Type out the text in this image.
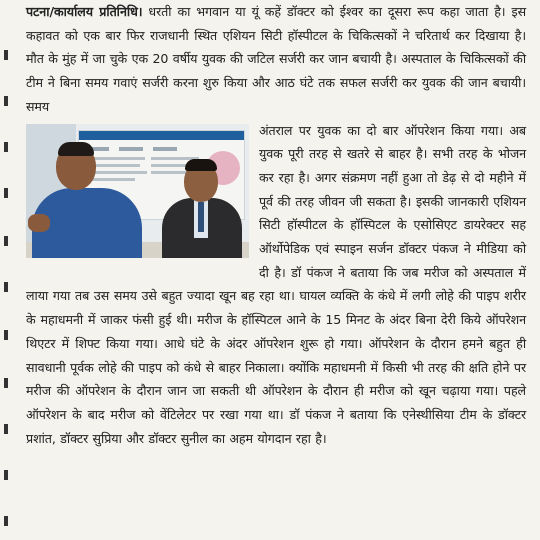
पटना/कार्यालय प्रतिनिधि। धरती का भगवान या यूं कहें डॉक्टर को ईश्वर का दूसरा रूप कहा जाता है। इस कहावत को एक बार फिर राजधानी स्थित एशियन सिटी हॉस्पीटल के चिकित्सकों ने चरितार्थ कर दिखाया है। मौत के मुंह में जा चुके एक 20 वर्षीय युवक की जटिल सर्जरी कर जान बचायी है। अस्पताल के चिकित्सकों की टीम ने बिना समय गवाएं सर्जरी करना शुरु किया और आठ घंटे तक सफल सर्जरी कर युवक की जान बचायी। समय

अंतराल पर युवक का दो बार ऑपरेशन किया गया। अब युवक पूरी तरह से खतरे से बाहर है। सभी तरह के भोजन कर रहा है। अगर संक्रमण नहीं हुआ तो डेढ़ से दो महीने में पूर्व की तरह जीवन जी सकता है। इसकी जानकारी एशियन सिटी हॉस्पीटल के हॉस्पिटल के एसोसिएट डायरेक्टर सह ऑर्थोपेडिक एवं स्पाइन सर्जन डॉक्टर पंकज ने मीडिया को दी है। डॉ पंकज ने बताया कि जब मरीज को अस्पताल में लाया गया तब उस समय उसे बहुत ज्यादा खून बह रहा था। घायल व्यक्ति के कंधे में लगी लोहे की पाइप शरीर के महाधमनी में जाकर फंसी हुई थी। मरीज के हॉस्पिटल आने के 15 मिनट के अंदर बिना देरी किये ऑपरेशन थिएटर में शिफ्ट किया गया। आधे घंटे के अंदर ऑपरेशन शुरू हो गया। ऑपरेशन के दौरान हमने बहुत ही सावधानी पूर्वक लोहे की पाइप को कंधे से बाहर निकाला। क्योंकि महाधमनी में किसी भी तरह की क्षति होने पर मरीज की ऑपरेशन के दौरान जान जा सकती थी ऑपरेशन के दौरान ही मरीज को खून चढ़ाया गया। पहले ऑपरेशन के बाद मरीज को वेंटिलेटर पर रखा गया था। डॉ पंकज ने बताया कि एनेस्थीसिया टीम के डॉक्टर प्रशांत, डॉक्टर सुप्रिया और डॉक्टर सुनील का अहम योगदान रहा है।
